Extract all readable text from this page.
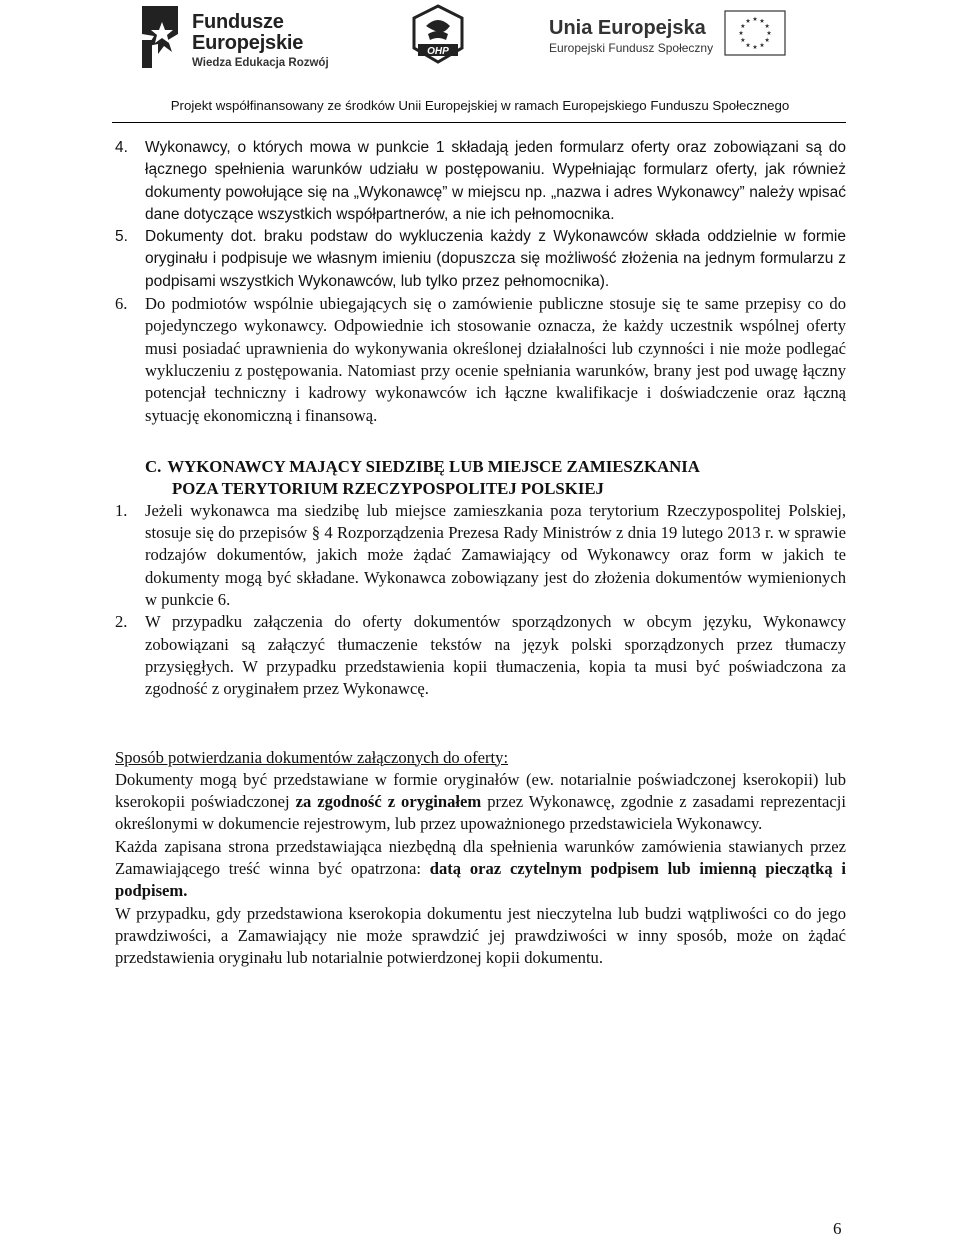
Fundusze
Europejskie
Wiedza Edukacja Rozwój
OHP
Unia Europejska
Europejski Fundusz Społeczny
Projekt współfinansowany ze środków Unii Europejskiej w ramach Europejskiego Funduszu Społecznego
4. Wykonawcy, o których mowa w punkcie 1 składają jeden formularz oferty oraz zobowiązani są do łącznego spełnienia warunków udziału w postępowaniu. Wypełniając formularz oferty, jak również dokumenty powołujące się na „Wykonawcę” w miejscu np. „nazwa i adres Wykonawcy” należy wpisać dane dotyczące wszystkich współpartnerów, a nie ich pełnomocnika.
5. Dokumenty dot. braku podstaw do wykluczenia każdy z Wykonawców składa oddzielnie w formie oryginału i podpisuje we własnym imieniu (dopuszcza się możliwość złożenia na jednym formularzu z podpisami wszystkich Wykonawców, lub tylko przez pełnomocnika).
6. Do podmiotów wspólnie ubiegających się o zamówienie publiczne stosuje się te same przepisy co do pojedynczego wykonawcy. Odpowiednie ich stosowanie oznacza, że każdy uczestnik wspólnej oferty musi posiadać uprawnienia do wykonywania określonej działalności lub czynności i nie może podlegać wykluczeniu z postępowania. Natomiast przy ocenie spełniania warunków, brany jest pod uwagę łączny potencjał techniczny i kadrowy wykonawców ich łączne kwalifikacje i doświadczenie oraz łączną sytuację ekonomiczną i finansową.
C. WYKONAWCY MAJĄCY SIEDZIBĘ LUB MIEJSCE ZAMIESZKANIA
POZA TERYTORIUM RZECZYPOSPOLITEJ POLSKIEJ
1. Jeżeli wykonawca ma siedzibę lub miejsce zamieszkania poza terytorium Rzeczypospolitej Polskiej, stosuje się do przepisów § 4 Rozporządzenia Prezesa Rady Ministrów z dnia 19 lutego 2013 r. w sprawie rodzajów dokumentów, jakich może żądać Zamawiający od Wykonawcy oraz form w jakich te dokumenty mogą być składane. Wykonawca zobowiązany jest do złożenia dokumentów wymienionych w punkcie 6.
2. W przypadku załączenia do oferty dokumentów sporządzonych w obcym języku, Wykonawcy zobowiązani są załączyć tłumaczenie tekstów na język polski sporządzonych przez tłumaczy przysięgłych. W przypadku przedstawienia kopii tłumaczenia, kopia ta musi być poświadczona za zgodność z oryginałem przez Wykonawcę.
Sposób potwierdzania dokumentów załączonych do oferty:
Dokumenty mogą być przedstawiane w formie oryginałów (ew. notarialnie poświadczonej kserokopii) lub kserokopii poświadczonej za zgodność z oryginałem przez Wykonawcę, zgodnie z zasadami reprezentacji określonymi w dokumencie rejestrowym, lub przez upoważnionego przedstawiciela Wykonawcy.
Każda zapisana strona przedstawiająca niezbędną dla spełnienia warunków zamówienia stawianych przez Zamawiającego treść winna być opatrzona: datą oraz czytelnym podpisem lub imienną pieczątką i podpisem.
W przypadku, gdy przedstawiona kserokopia dokumentu jest nieczytelna lub budzi wątpliwości co do jego prawdziwości, a Zamawiający nie może sprawdzić jej prawdziwości w inny sposób, może on żądać przedstawienia oryginału lub notarialnie potwierdzonej kopii dokumentu.
6
